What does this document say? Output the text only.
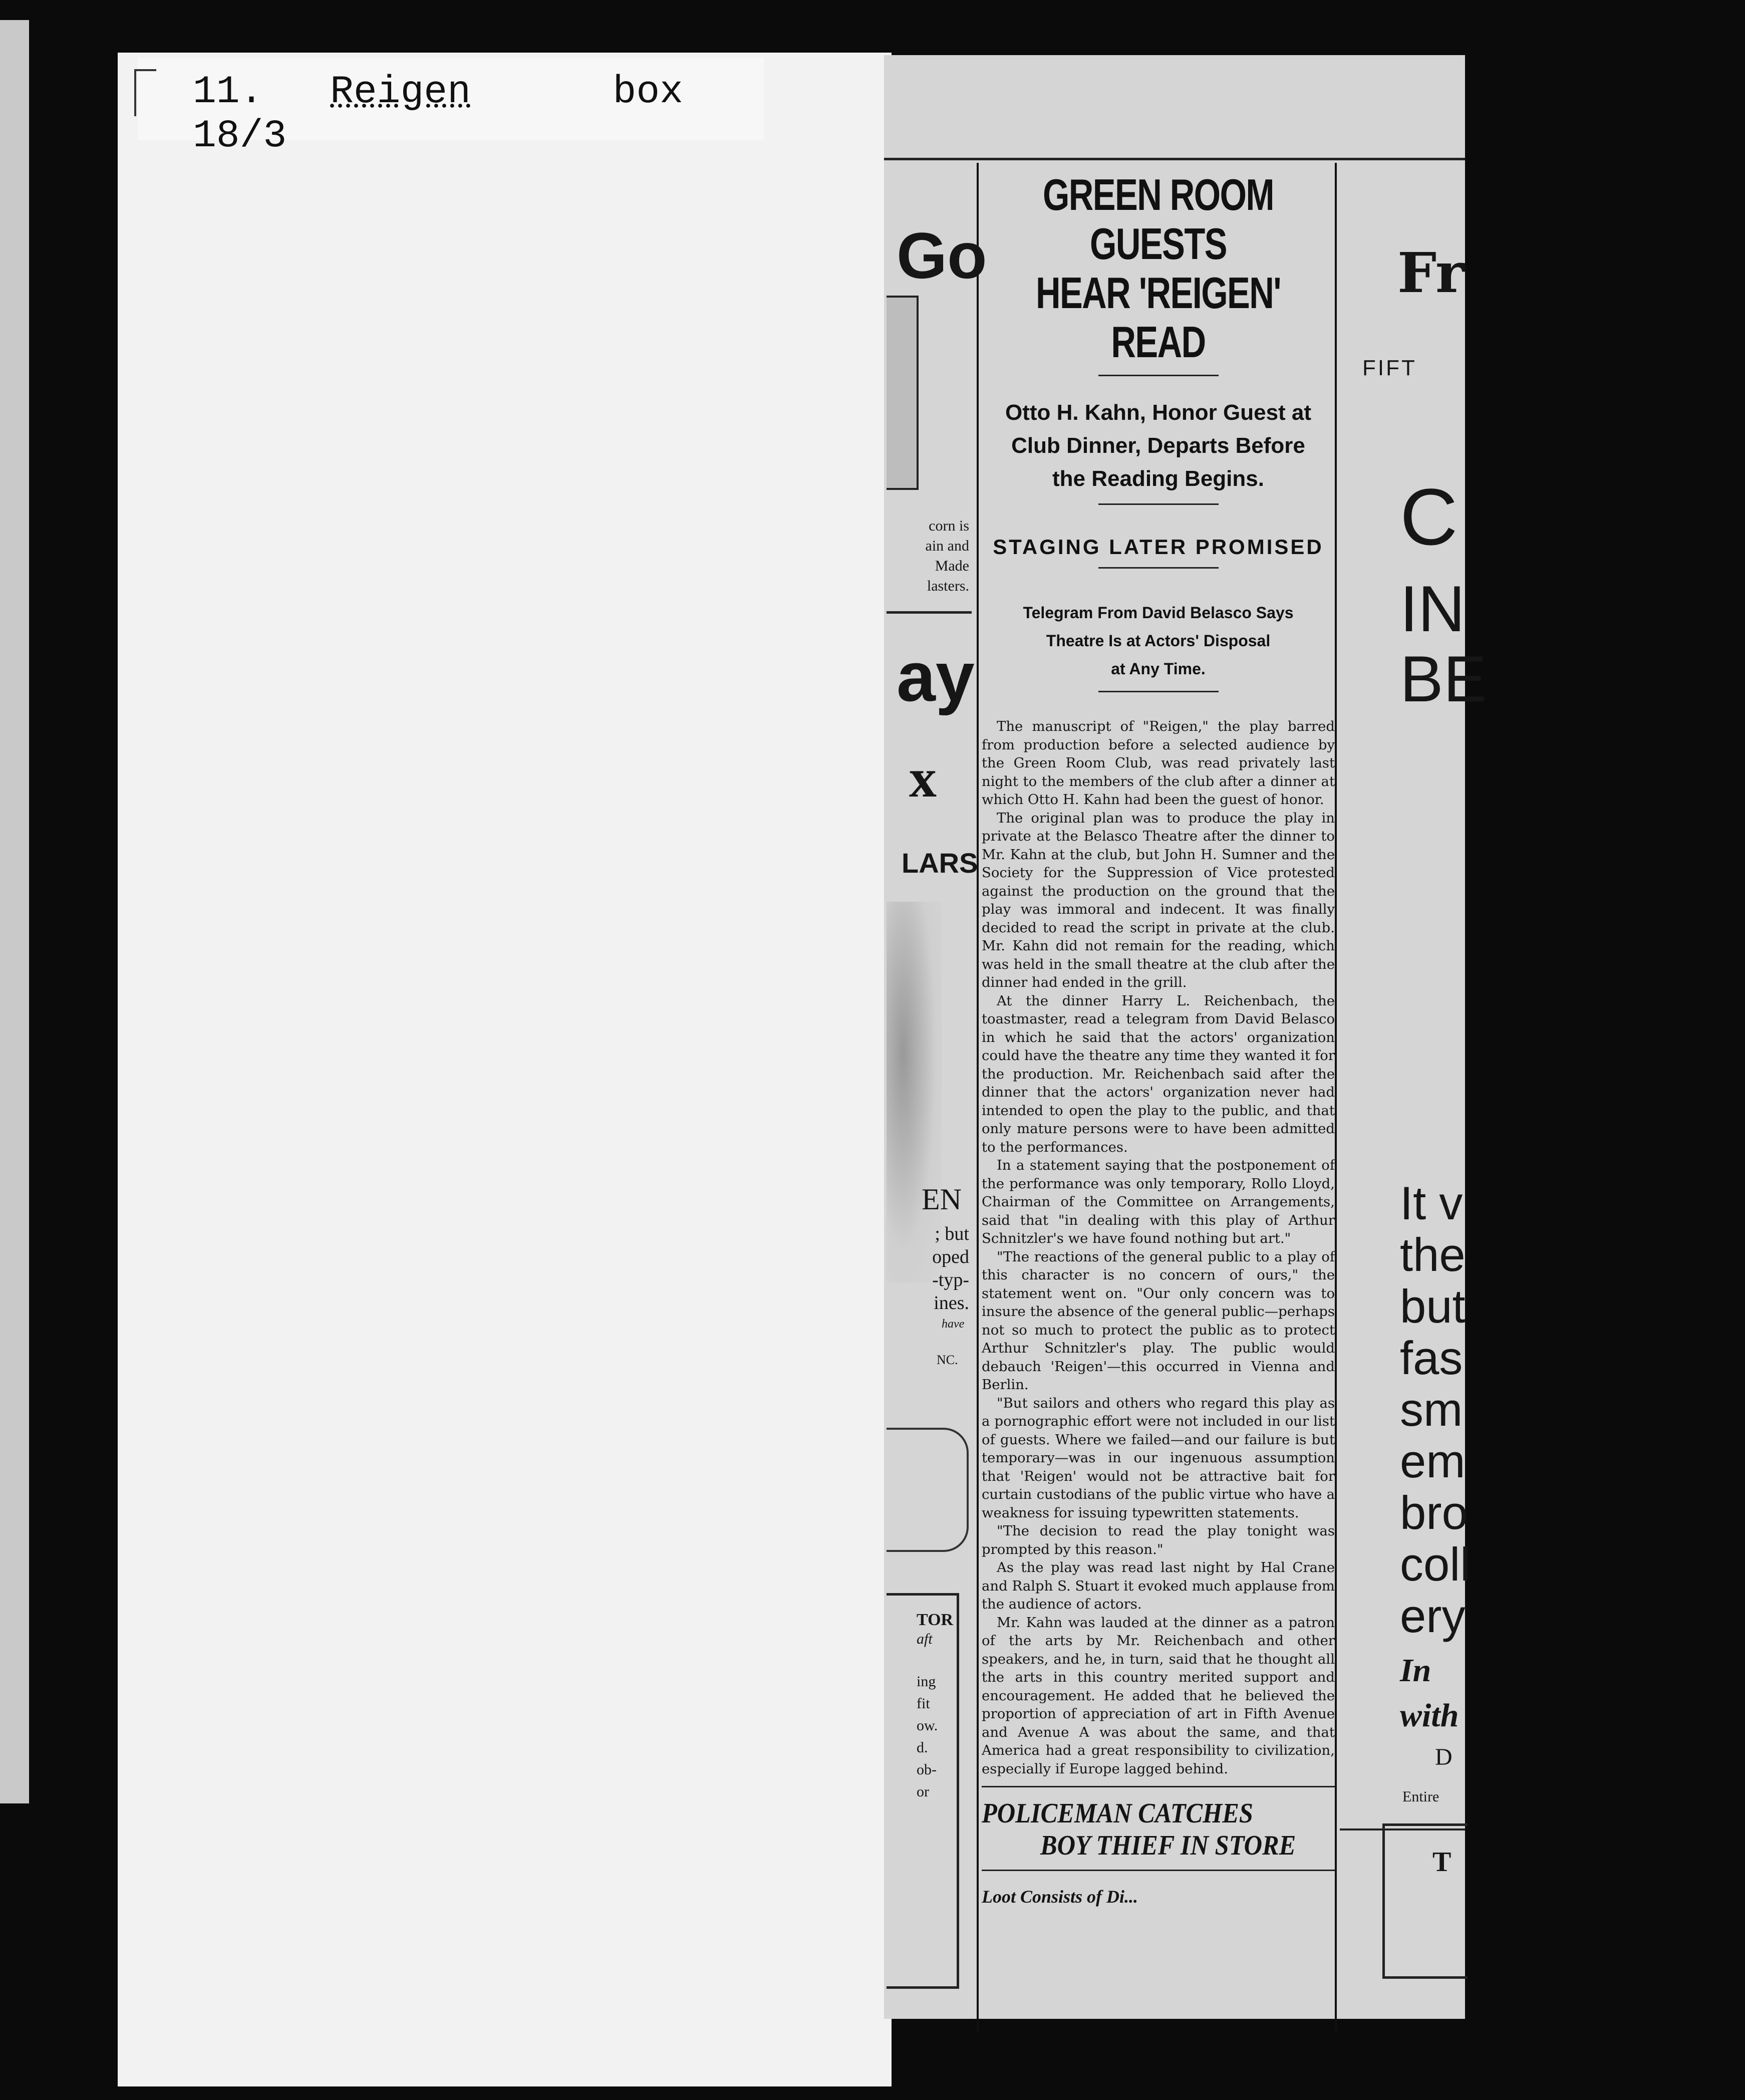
11. Reigen	box 18/3
Go
corn is
ain and
Made
lasters.
ay
x
LARS
EN
; but
oped
-typ-
ines.
have
NC.
TOR
aft
ing
fit
ow.
d.
ob-
or
GREEN ROOM GUESTS
HEAR 'REIGEN' READ
Otto H. Kahn, Honor Guest at
Club Dinner, Departs Before
the Reading Begins.
STAGING LATER PROMISED
Telegram From David Belasco Says
Theatre Is at Actors' Disposal
at Any Time.

The manuscript of "Reigen," the play barred from production before a selected audience by the Green Room Club, was read privately last night to the members of the club after a dinner at which Otto H. Kahn had been the guest of honor.

The original plan was to produce the play in private at the Belasco Theatre after the dinner to Mr. Kahn at the club, but John H. Sumner and the Society for the Suppression of Vice protested against the production on the ground that the play was immoral and indecent. It was finally decided to read the script in private at the club. Mr. Kahn did not remain for the reading, which was held in the small theatre at the club after the dinner had ended in the grill.

At the dinner Harry L. Reichenbach, the toastmaster, read a telegram from David Belasco in which he said that the actors' organization could have the theatre any time they wanted it for the production. Mr. Reichenbach said after the dinner that the actors' organization never had intended to open the play to the public, and that only mature persons were to have been admitted to the performances.

In a statement saying that the postponement of the performance was only temporary, Rollo Lloyd, Chairman of the Committee on Arrangements, said that "in dealing with this play of Arthur Schnitzler's we have found nothing but art."

"The reactions of the general public to a play of this character is no concern of ours," the statement went on. "Our only concern was to insure the absence of the general public—perhaps not so much to protect the public as to protect Arthur Schnitzler's play. The public would debauch 'Reigen'—this occurred in Vienna and Berlin.

"But sailors and others who regard this play as a pornographic effort were not included in our list of guests. Where we failed—and our failure is but temporary—was in our ingenuous assumption that 'Reigen' would not be attractive bait for curtain custodians of the public virtue who have a weakness for issuing typewritten statements.

"The decision to read the play tonight was prompted by this reason."

As the play was read last night by Hal Crane and Ralph S. Stuart it evoked much applause from the audience of actors.

Mr. Kahn was lauded at the dinner as a patron of the arts by Mr. Reichenbach and other speakers, and he, in turn, said that he thought all the arts in this country merited support and encouragement. He added that he believed the proportion of appreciation of art in Fifth Avenue and Avenue A was about the same, and that America had a great responsibility to civilization, especially if Europe lagged behind.

POLICEMAN CATCHES
BOY THIEF IN STORE
Loot Consists of Di...
Fr
FIFT
C
IN
BE
It v
the
but
fas
sm
em
bro
coll
ery
In
with
D
Entire
T
